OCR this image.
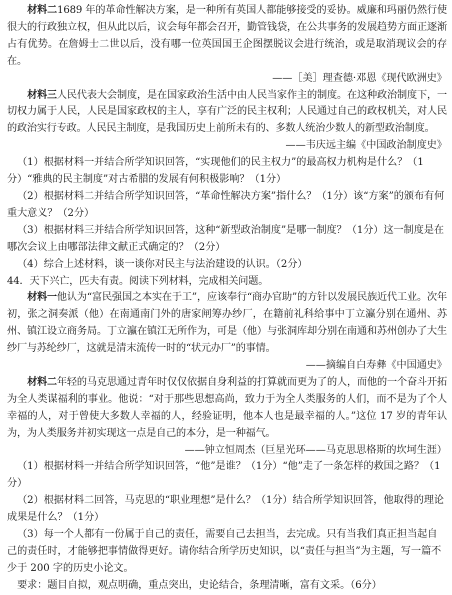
材料二1689 年的革命性解决方案，是一种所有英国人都能够接受的妥协。威廉和玛丽仍然行使很大的行政独立权，但从此以后，议会每年都会召开，勤管钱袋，在公共事务的发展趋势方面正逐渐占有优势。在詹姆士二世以后，没有哪一位英国国王企图摆脱议会进行统治，或是取消现议会的存在。

——［美］理查德·邓恩《现代欧洲史》

材料三人民代表大会制度，是在国家政治生活中由人民当家作主的制度。在这种政治制度下，一切权力属于人民，人民是国家政权的主人，享有广泛的民主权利；人民通过自己的政权机关，对人民的政治实行专政。人民民主制度，是我国历史上前所未有的、多数人统治少数人的新型政治制度。

——韦庆远主编《中国政治制度史》

（1）根据材料一并结合所学知识回答，“实现他们的民主权力”的最高权力机构是什么？（1分）“雅典的民主制度”对古希腊的发展有何积极影响？（1分）

（2）根据材料二并结合所学知识回答，“革命性解决方案”指什么？（1分）该“方案”的颁布有何重大意义？（2分）

（3）根据材料三并结合所学知识回答，这种“新型政治制度”是哪一制度？（1分）这一制度是在哪次会议上由哪部法律文献正式确定的？（2分）

（4）综合上述材料，谈一谈你对民主与法治建设的认识。（2分）

44．天下兴亡，匹夫有责。阅读下列材料，完成相关问题。

材料一他认为“富民强国之本实在于工”，应该奉行“商办官助”的方针以发展民族近代工业。次年初，张之洞奏派（他）在南通南门外的唐家闸筹办纱厂，在籍前礼科给事中丁立瀛分别在通州、苏州、镇江设立商务局。丁立瀛在镇江无所作为，可是（他）与张洞库却分别在南通和苏州创办了大生纱厂与苏纶纱厂，这就是清末流传一时的“状元办厂”的事情。

——摘编自白寿彝《中国通史》

材料二年轻的马克思通过青年时仅仅依据自身利益的打算就而更为了的人，而他的一个奋斗开拓为全人类谋福利的事业。他说：“对于那些思想高尚，致力于为全人类服务的人们，而不是为了个人幸福的人，对于曾使大多数人幸福的人，经验证明，他本人也是最幸福的人。”这位 17 岁的青年认为，为人类服务并初实现这一点是自己的本分，是一种福气。

——钟立恒周杰（巨星光环——马克思思格斯的坎坷生涯）

（1）根据材料一并结合所学知识回答，“他”是谁？（1分）“他”走了一条怎样的救国之路？（1分）

（2）根据材料二回答，马克思的“职业理想”是什么？（1分）结合所学知识回答，他取得的理论成果是什么？（1分）

（3）每一个人都有一份属于自己的责任，需要自己去担当，去完成。只有当我们真正担当起自己的责任时，才能够把事情做得更好。请你结合所学历史知识，以“责任与担当”为主题，写一篇不少于 200 字的历史小论文。

要求：题目自拟，观点明确，重点突出，史论结合，条理清晰，富有文采。（6分）
